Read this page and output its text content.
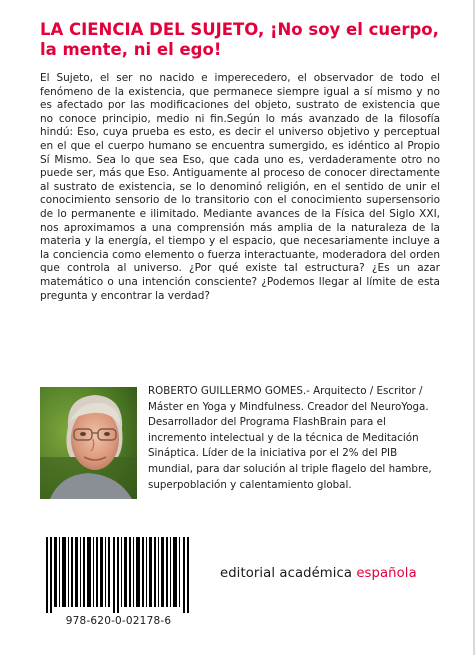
LA CIENCIA DEL SUJETO, ¡No soy el cuerpo, la mente, ni el ego!

El Sujeto, el ser no nacido e imperecedero, el observador de todo el fenómeno de la existencia, que permanece siempre igual a sí mismo y no es afectado por las modificaciones del objeto, sustrato de existencia que no conoce principio, medio ni fin.Según lo más avanzado de la filosofía hindú: Eso, cuya prueba es esto, es decir el universo objetivo y perceptual en el que el cuerpo humano se encuentra sumergido, es idéntico al Propio Sí Mismo. Sea lo que sea Eso, que cada uno es, verdaderamente otro no puede ser, más que Eso. Antiguamente al proceso de conocer directamente al sustrato de existencia, se lo denominó religión, en el sentido de unir el conocimiento sensorio de lo transitorio con el conocimiento supersensorio de lo permanente e ilimitado. Mediante avances de la Física del Siglo XXI, nos aproximamos a una comprensión más amplia de la naturaleza de la materia y la energía, el tiempo y el espacio, que necesariamente incluye a la conciencia como elemento o fuerza interactuante, moderadora del orden que controla al universo. ¿Por qué existe tal estructura? ¿Es un azar matemático o una intención consciente? ¿Podemos llegar al límite de esta pregunta y encontrar la verdad?

ROBERTO GUILLERMO GOMES.- Arquitecto / Escritor / Máster en Yoga y Mindfulness. Creador del NeuroYoga. Desarrollador del Programa FlashBrain para el incremento intelectual y de la técnica de Meditación Sináptica. Líder de la iniciativa por el 2% del PIB mundial, para dar solución al triple flagelo del hambre, superpoblación y calentamiento global.

978-620-0-02178-6
editorial académica española
